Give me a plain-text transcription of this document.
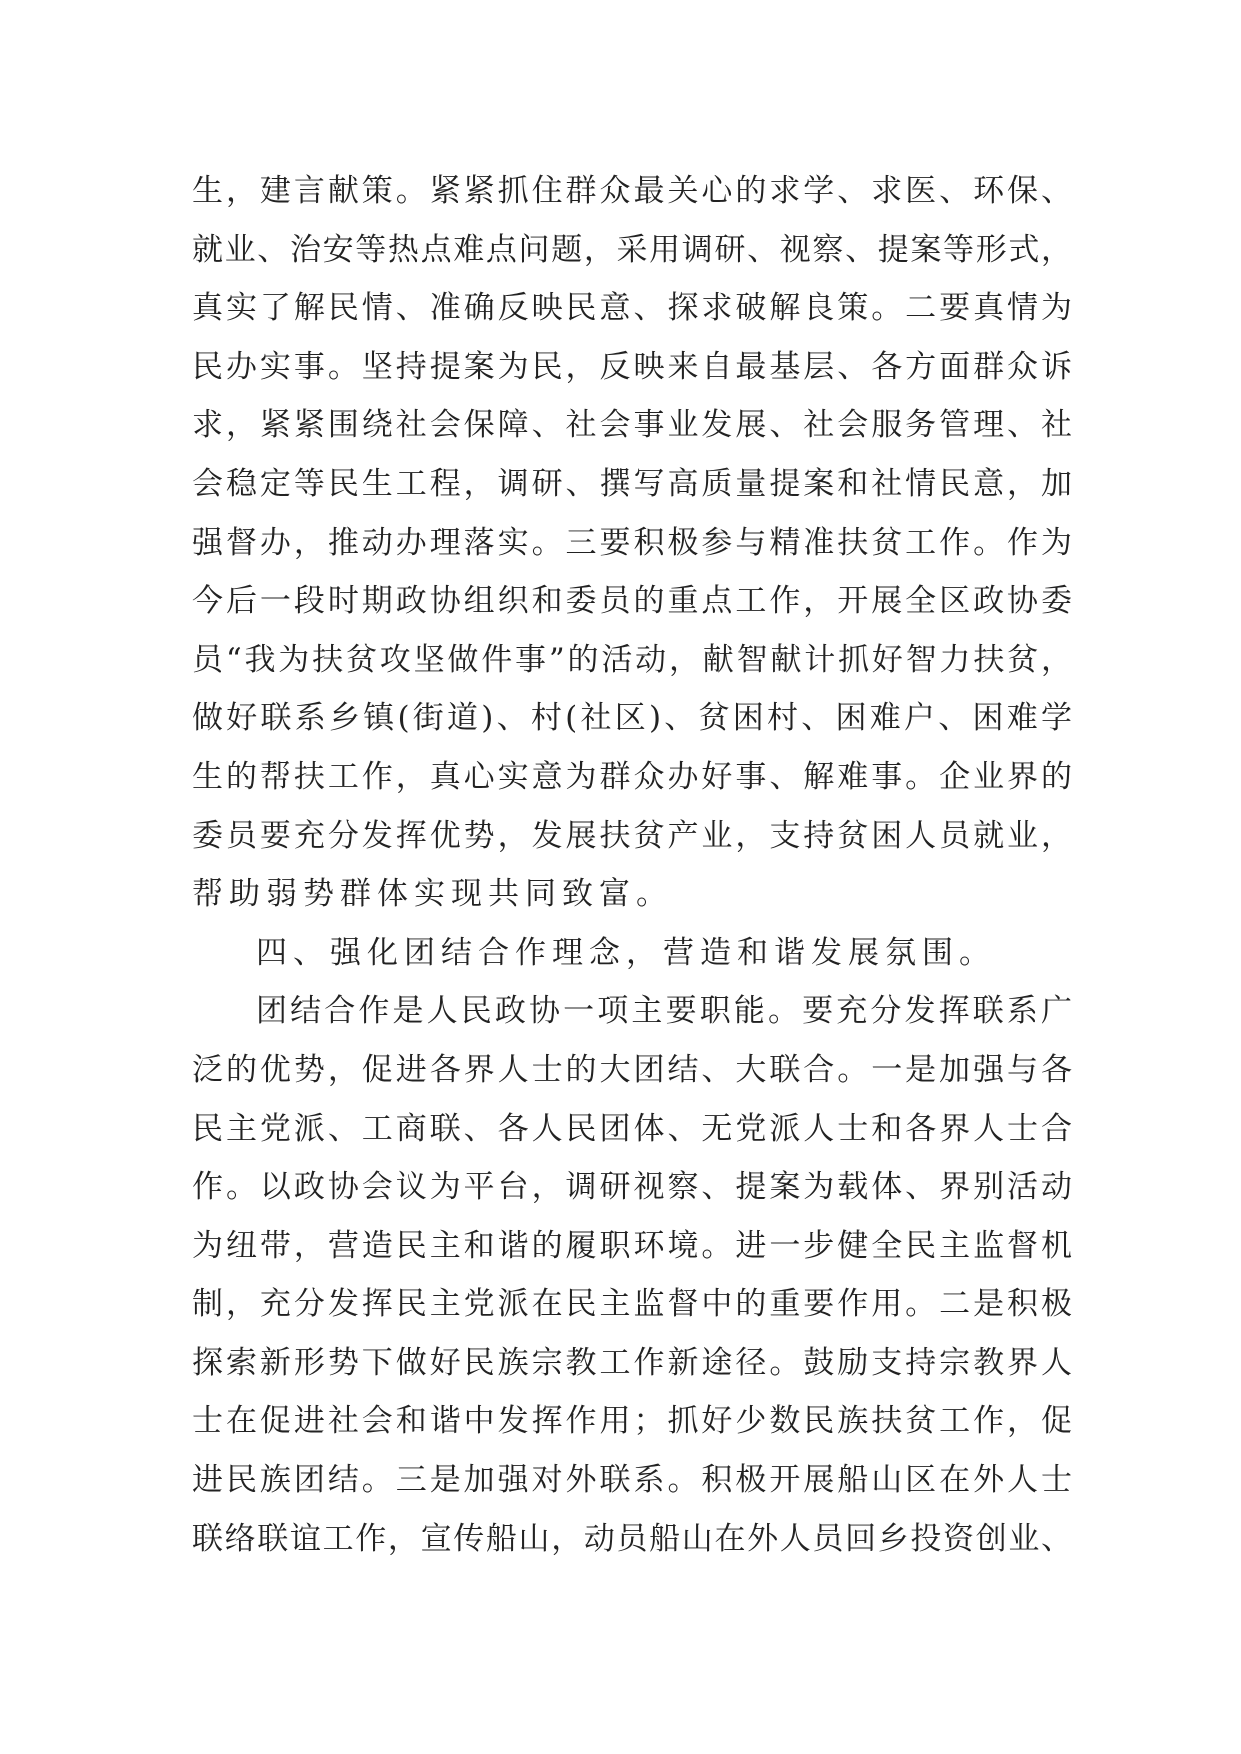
生，建言献策。紧紧抓住群众最关心的求学、求医、环保、
就业、治安等热点难点问题，采用调研、视察、提案等形式，
真实了解民情、准确反映民意、探求破解良策。二要真情为
民办实事。坚持提案为民，反映来自最基层、各方面群众诉
求，紧紧围绕社会保障、社会事业发展、社会服务管理、社
会稳定等民生工程，调研、撰写高质量提案和社情民意，加
强督办，推动办理落实。三要积极参与精准扶贫工作。作为
今后一段时期政协组织和委员的重点工作，开展全区政协委
员“我为扶贫攻坚做件事”的活动，献智献计抓好智力扶贫，
做好联系乡镇(街道)、村(社区)、贫困村、困难户、困难学
生的帮扶工作，真心实意为群众办好事、解难事。企业界的
委员要充分发挥优势，发展扶贫产业，支持贫困人员就业，
帮助弱势群体实现共同致富。
四、强化团结合作理念，营造和谐发展氛围。
团结合作是人民政协一项主要职能。要充分发挥联系广
泛的优势，促进各界人士的大团结、大联合。一是加强与各
民主党派、工商联、各人民团体、无党派人士和各界人士合
作。以政协会议为平台，调研视察、提案为载体、界别活动
为纽带，营造民主和谐的履职环境。进一步健全民主监督机
制，充分发挥民主党派在民主监督中的重要作用。二是积极
探索新形势下做好民族宗教工作新途径。鼓励支持宗教界人
士在促进社会和谐中发挥作用；抓好少数民族扶贫工作，促
进民族团结。三是加强对外联系。积极开展船山区在外人士
联络联谊工作，宣传船山，动员船山在外人员回乡投资创业、
